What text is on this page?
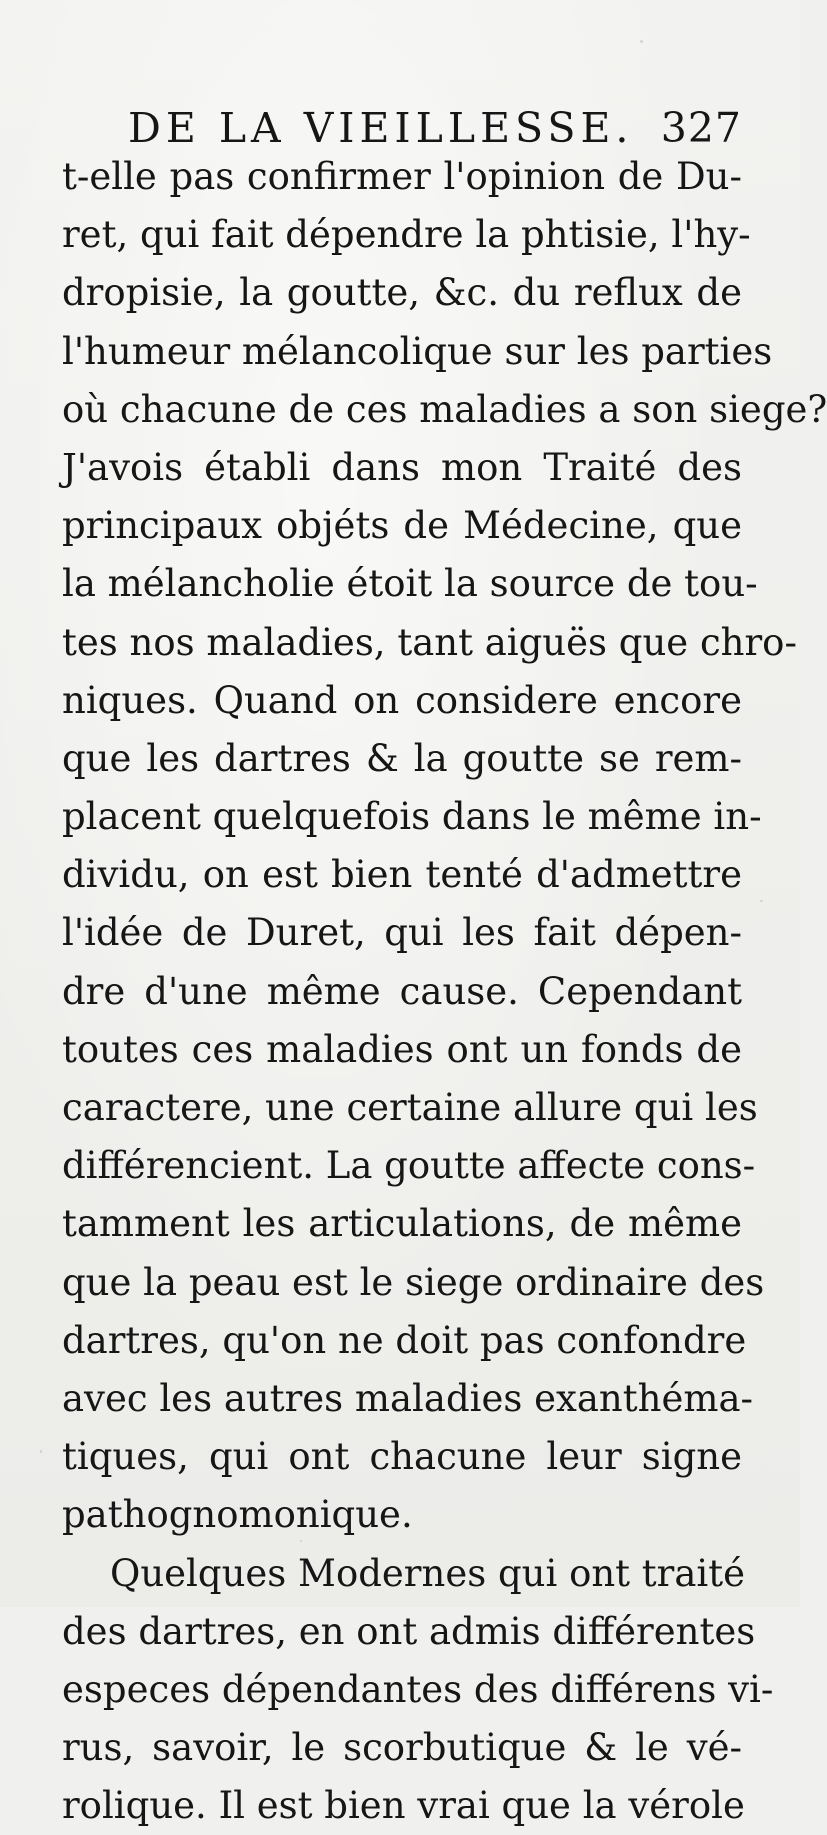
DE LA VIEILLESSE. 327
t-elle pas confirmer l'opinion de Du-
ret, qui fait dépendre la phtisie, l'hy-
dropisie, la goutte, &c. du reflux de
l'humeur mélancolique sur les parties
où chacune de ces maladies a son siege?
J'avois établi dans mon Traité des
principaux objéts de Médecine, que
la mélancholie étoit la source de tou-
tes nos maladies, tant aiguës que chro-
niques. Quand on considere encore
que les dartres & la goutte se rem-
placent quelquefois dans le même in-
dividu, on est bien tenté d'admettre
l'idée de Duret, qui les fait dépen-
dre d'une même cause. Cependant
toutes ces maladies ont un fonds de
caractere, une certaine allure qui les
différencient. La goutte affecte cons-
tamment les articulations, de même
que la peau est le siege ordinaire des
dartres, qu'on ne doit pas confondre
avec les autres maladies exanthéma-
tiques, qui ont chacune leur signe
pathognomonique.
Quelques Modernes qui ont traité
des dartres, en ont admis différentes
especes dépendantes des différens vi-
rus, savoir, le scorbutique & le vé-
rolique. Il est bien vrai que la vérole
